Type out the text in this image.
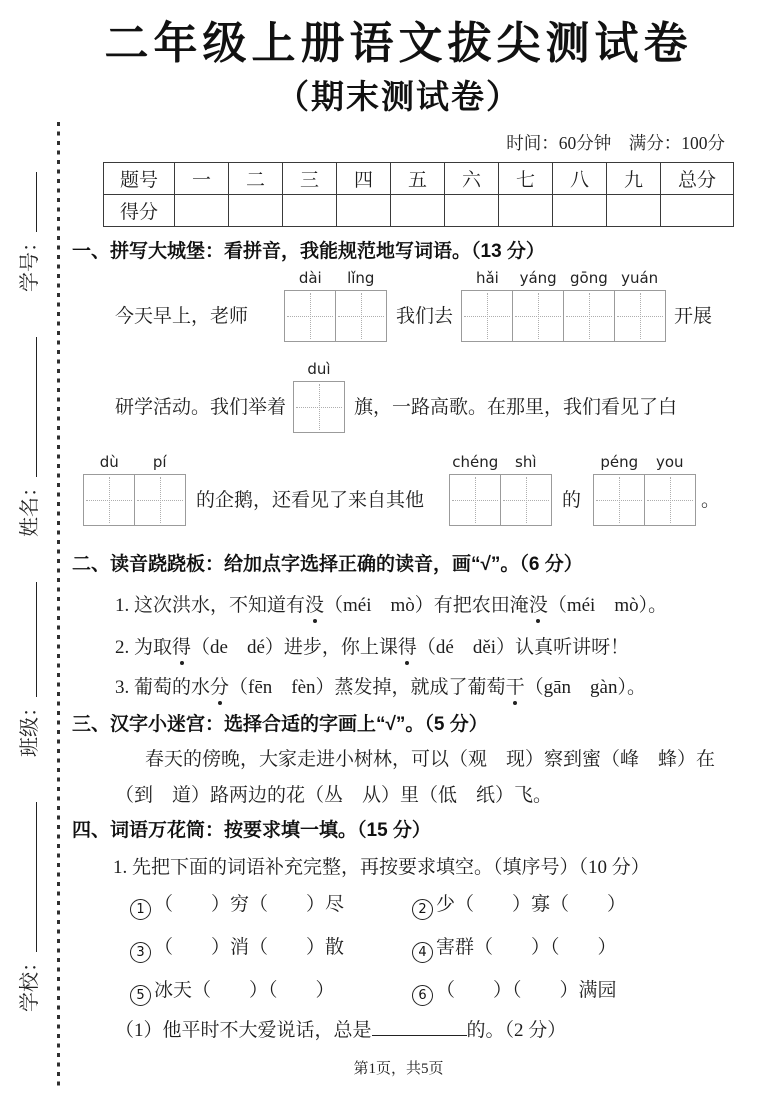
学校：
班级：
姓名：
学号：
二年级上册语文拔尖测试卷
（期末测试卷）
时间：60分钟　满分：100分
题号	一	二	三	四	五	六	七	八	九	总分
得分										
一、拼写大城堡：看拼音，我能规范地写词语。（13 分）
今天早上，老师
dài	lǐng
我们去
hǎi	yáng gōng yuán
开展
研学活动。我们举着
duì
旗，一路高歌。在那里，我们看见了白
dù	pí
的企鹅，还看见了来自其他
chéng	shì
的
péng	you
。
二、读音跷跷板：给加点字选择正确的读音，画“√”。（6 分）
1. 这次洪水，不知道有没（méi　mò）有把农田淹没（méi　mò）。
2. 为取得（de　dé）进步，你上课得（dé　děi）认真听讲呀！
3. 葡萄的水分（fēn　fèn）蒸发掉，就成了葡萄干（gān　gàn）。
三、汉字小迷宫：选择合适的字画上“√”。（5 分）
春天的傍晚，大家走进小树林，可以（观　现）察到蜜（峰　蜂）在
（到　道）路两边的花（丛　从）里（低　纸）飞。
四、词语万花筒：按要求填一填。（15 分）
1. 先把下面的词语补充完整，再按要求填空。（填序号）（10 分）
1 （　　）穷（　　）尽	2 少（　　）寡（　　）
3 （　　）消（　　）散	4 害群（　　）（　　）
5 冰天（　　）（　　）	6 （　　）（　　）满园
（1）他平时不大爱说话，总是	的。（2 分）
第1页，共5页
